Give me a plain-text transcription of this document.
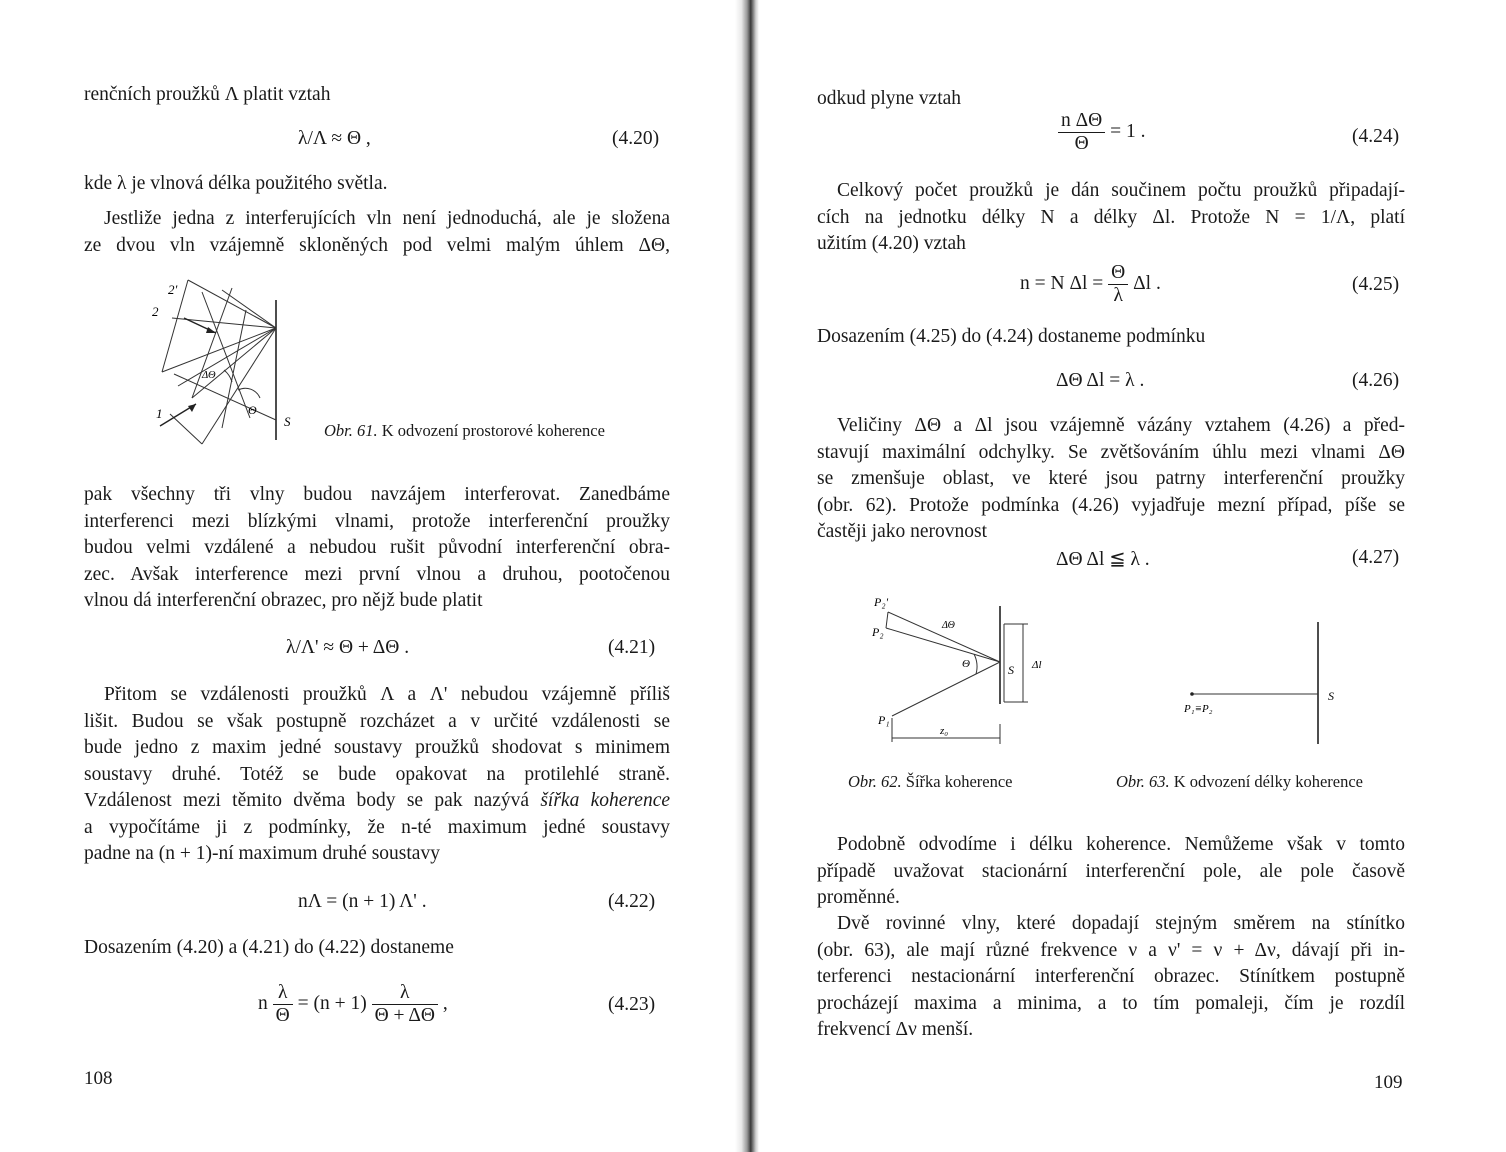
renčních proužků Λ platit vztah
λ/Λ ≈ Θ ,	(4.20)
kde λ je vlnová délka použitého světla.
Jestliže jedna z interferujících vln není jednoduchá, ale je složena
ze dvou vln vzájemně skloněných pod velmi malým úhlem ΔΘ,
2'
2
1
ΔΘ
Θ
S Obr. 61. K odvození prostorové koherence
pak všechny tři vlny budou navzájem interferovat. Zanedbáme
interferenci mezi blízkými vlnami, protože interferenční proužky
budou velmi vzdálené a nebudou rušit původní interferenční obra-
zec. Avšak interference mezi první vlnou a druhou, pootočenou
vlnou dá interferenční obrazec, pro nějž bude platit
λ/Λ' ≈ Θ + ΔΘ .	(4.21)
Přitom se vzdálenosti proužků Λ a Λ' nebudou vzájemně příliš
lišit. Budou se však postupně rozcházet a v určité vzdálenosti se
bude jedno z maxim jedné soustavy proužků shodovat s minimem
soustavy druhé. Totéž se bude opakovat na protilehlé straně.
Vzdálenost mezi těmito dvěma body se pak nazývá šířka koherence
a vypočítáme ji z podmínky, že n-té maximum jedné soustavy
padne na (n + 1)-ní maximum druhé soustavy
nΛ = (n + 1) Λ' .	(4.22)
Dosazením (4.20) a (4.21) do (4.22) dostaneme
n $\frac{\lambda}{\Theta} = (n + 1) \frac{\lambda}{\Theta + \Delta\Theta}$ ,	(4.23)
108
odkud plyne vztah
$\frac{\text{n ΔΘ}}{\Theta} = 1$ .	(4.24)
Celkový počet proužků je dán součinem počtu proužků připadají-
cích na jednotku délky N a délky Δl. Protože N = 1/Λ, platí
užitím (4.20) vztah
n = N $\Delta l = \frac{\Theta}{\lambda}$ Δl .	(4.25)
Dosazením (4.25) do (4.24) dostaneme podmínku
ΔΘ Δl = λ .	(4.26)
Veličiny ΔΘ a Δl jsou vzájemně vázány vztahem (4.26) a před-
stavují maximální odchylky. Se zvětšováním úhlu mezi vlnami ΔΘ
se zmenšuje oblast, ve které jsou patrny interferenční proužky
(obr. 62). Protože podmínka (4.26) vyjadřuje mezní případ, píše se
častěji jako nerovnost
ΔΘ Δl ≦ λ .	(4.27)
P₂'
P₂
P₁
ΔΘ
Θ	S Δl
z₀
P₁≡P₂
S
Obr. 62. Šířka koherence	Obr. 63. K odvození délky koherence
Podobně odvodíme i délku koherence. Nemůžeme však v tomto
případě uvažovat stacionární interferenční pole, ale pole časově
proměnné.
Dvě rovinné vlny, které dopadají stejným směrem na stínítko
(obr. 63), ale mají různé frekvence ν a ν' = ν + Δν, dávají při in-
terferenci nestacionární interferenční obrazec. Stínítkem postupně
procházejí maxima a minima, a to tím pomaleji, čím je rozdíl
frekvencí Δν menší.
109
